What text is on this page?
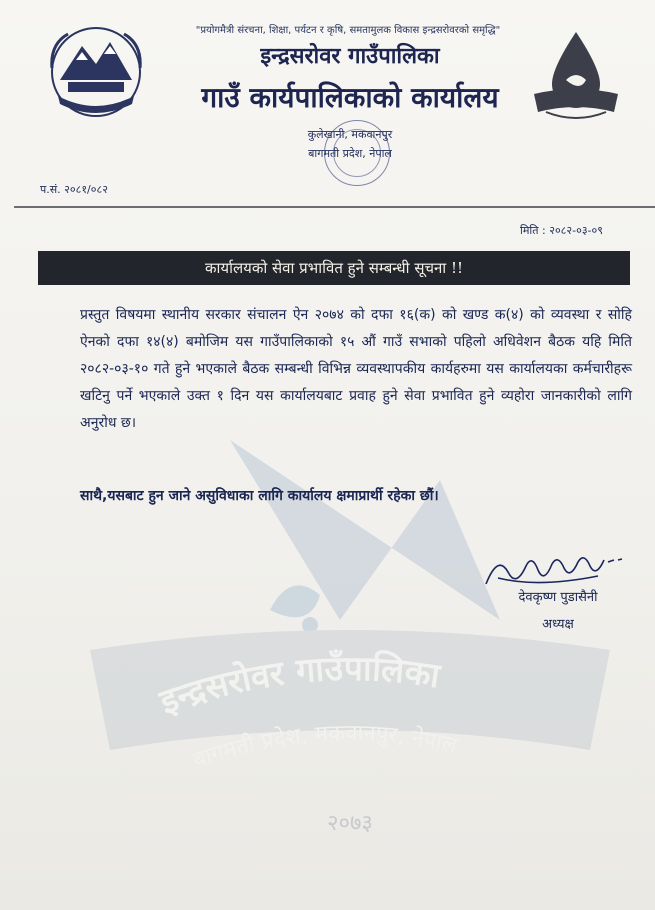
इन्द्रसरोवर गाउँपालिका
बागमती प्रदेश, मकवानपुर, नेपाल
२०७३
"प्रयोगमैत्री संरचना, शिक्षा, पर्यटन र कृषि, समतामुलक विकास इन्द्रसरोवरको समृद्धि"
इन्द्रसरोवर गाउँपालिका
गाउँ कार्यपालिकाको कार्यालय
कुलेखानी, मकवानपुर
बागमती प्रदेश, नेपाल
प.सं. २०८१/०८२
मिति : २०८२-०३-०९
कार्यालयको सेवा प्रभावित हुने सम्बन्धी सूचना !!
प्रस्तुत विषयमा स्थानीय सरकार संचालन ऐन २०७४ को दफा १६(क) को खण्ड क(४) को व्यवस्था र सोहि ऐनको दफा १४(४) बमोजिम यस गाउँपालिकाको १५ औं गाउँ सभाको पहिलो अधिवेशन बैठक यहि मिति २०८२-०३-१० गते हुने भएकाले बैठक सम्बन्धी विभिन्न व्यवस्थापकीय कार्यहरुमा यस कार्यालयका कर्मचारीहरू खटिनु पर्ने भएकाले उक्त १ दिन यस कार्यालयबाट प्रवाह हुने सेवा प्रभावित हुने व्यहोरा जानकारीको लागि अनुरोध छ।
साथै,यसबाट हुन जाने असुविधाका लागि कार्यालय क्षमाप्रार्थी रहेका छौं।
देवकृष्ण पुडासैनी
अध्यक्ष
